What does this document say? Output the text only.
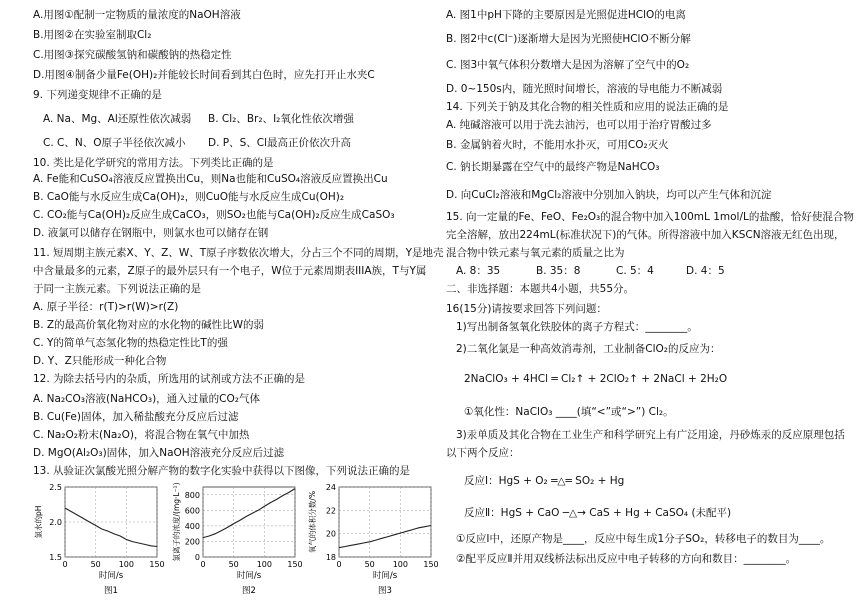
A.用图①配制一定物质的量浓度的NaOH溶液
B.用图②在实验室制取Cl₂
C.用图③探究碳酸氢钠和碳酸钠的热稳定性
D.用图④制备少量Fe(OH)₂并能较长时间看到其白色时，应先打开止水夹C
9. 下列递变规律不正确的是
A. Na、Mg、Al还原性依次减弱 B. Cl₂、Br₂、I₂氧化性依次增强
C. C、N、O原子半径依次减小 D. P、S、Cl最高正价依次升高
10. 类比是化学研究的常用方法。下列类比正确的是
A. Fe能和CuSO₄溶液反应置换出Cu，则Na也能和CuSO₄溶液反应置换出Cu
B. CaO能与水反应生成Ca(OH)₂，则CuO能与水反应生成Cu(OH)₂
C. CO₂能与Ca(OH)₂反应生成CaCO₃，则SO₂也能与Ca(OH)₂反应生成CaSO₃
D. 液氯可以储存在钢瓶中，则氯水也可以储存在钢
11. 短周期主族元素X、Y、Z、W、T原子序数依次增大，分占三个不同的周期，Y是地壳
中含量最多的元素，Z原子的最外层只有一个电子，W位于元素周期表IIIA族，T与Y属
于同一主族元素。下列说法正确的是
A. 原子半径：r(T)>r(W)>r(Z)
B. Z的最高价氧化物对应的水化物的碱性比W的弱
C. Y的简单气态氢化物的热稳定性比T的强
D. Y、Z只能形成一种化合物
12. 为除去括号内的杂质，所选用的试剂或方法不正确的是
A. Na₂CO₃溶液(NaHCO₃)，通入过量的CO₂气体
B. Cu(Fe)固体，加入稀盐酸充分反应后过滤
C. Na₂O₂粉末(Na₂O)，将混合物在氧气中加热
D. MgO(Al₂O₃)固体，加入NaOH溶液充分反应后过滤
13. 从验证次氯酸光照分解产物的数字化实验中获得以下图像，下列说法正确的是
1.5
2.0
2.5
0	50 100 150
时间/s
图1
氯水的pH
0
200
400
600
800
0	50 100 150
时间/s
图2
氯离子的浓度/(mg·L⁻¹)	18
20
22
24
0	50 100 150
时间/s
图3
氧气的体积分数/%
A. 图1中pH下降的主要原因是光照促进HClO的电离
B. 图2中c(Cl⁻)逐渐增大是因为光照使HClO不断分解
C. 图3中氧气体积分数增大是因为溶解了空气中的O₂
D. 0~150s内，随光照时间增长，溶液的导电能力不断减弱
14. 下列关于钠及其化合物的相关性质和应用的说法正确的是
A. 纯碱溶液可以用于洗去油污，也可以用于治疗胃酸过多
B. 金属钠着火时，不能用水扑灭，可用CO₂灭火
C. 钠长期暴露在空气中的最终产物是NaHCO₃
D. 向CuCl₂溶液和MgCl₂溶液中分别加入钠块，均可以产生气体和沉淀
15. 向一定量的Fe、FeO、Fe₂O₃的混合物中加入100mL 1mol/L的盐酸，恰好使混合物
完全溶解，放出224mL(标准状况下)的气体。所得溶液中加入KSCN溶液无红色出现，
混合物中铁元素与氧元素的质量之比为
A. 8：35	B. 35：8	C. 5：4	D. 4：5
二、非选择题：本题共4小题，共55分。
16(15分)请按要求回答下列问题：
1)写出制备氢氧化铁胶体的离子方程式：________。
2)二氧化氯是一种高效消毒剂，工业制备ClO₂的反应为：
2NaClO₃ + 4HCl ═ Cl₂↑ + 2ClO₂↑ + 2NaCl + 2H₂O
①氧化性：NaClO₃ ____(填“<”或“>”) Cl₂。
3)汞单质及其化合物在工业生产和科学研究上有广泛用途，丹砂炼汞的反应原理包括
以下两个反应：
反应Ⅰ：HgS + O₂ ═△═ SO₂ + Hg
反应Ⅱ：HgS + CaO ─△→ CaS + Hg + CaSO₄ (未配平)
①反应Ⅰ中，还原产物是____，反应中每生成1分子SO₂，转移电子的数目为____。
②配平反应Ⅱ并用双线桥法标出反应中电子转移的方向和数目：________。
